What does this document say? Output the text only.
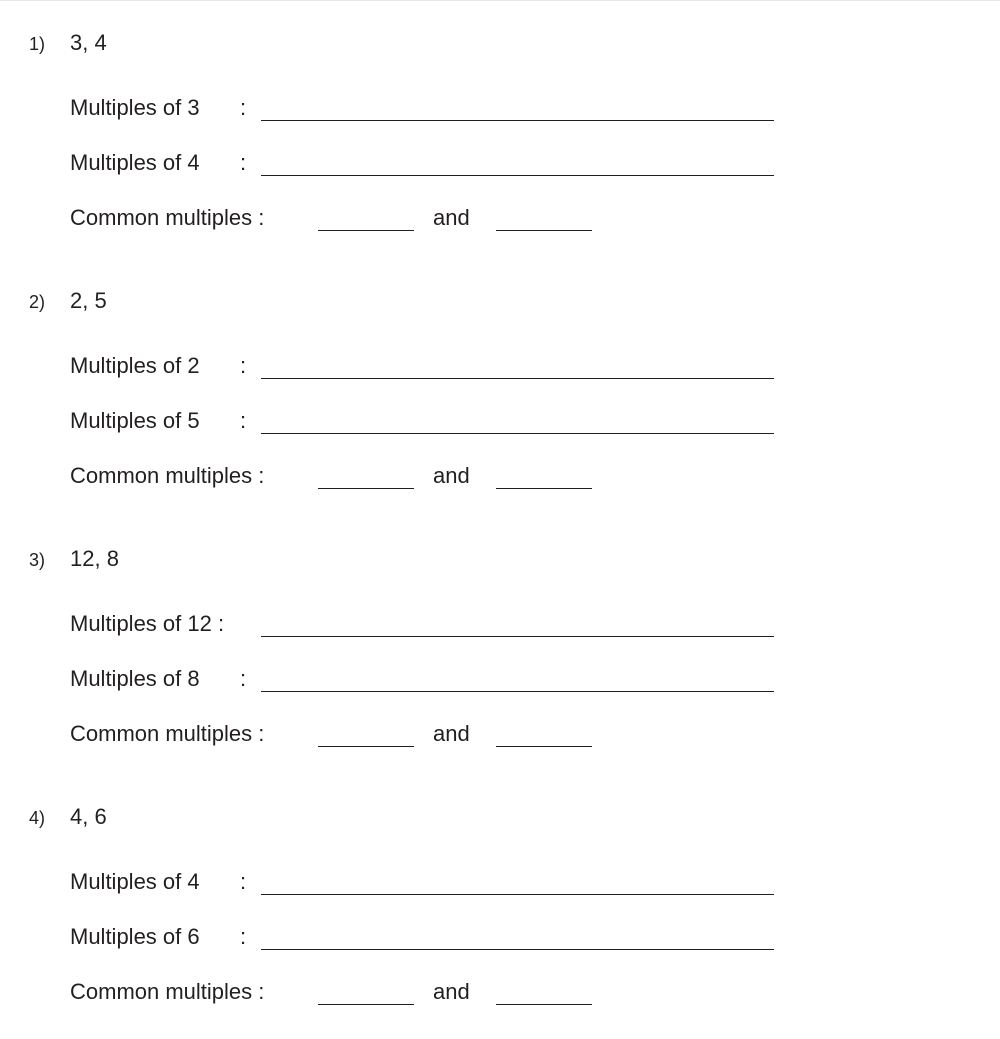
1) 3, 4
Multiples of 3 :
Multiples of 4 :
Common multiples :	and
2) 2, 5
Multiples of 2 :
Multiples of 5 :
Common multiples :	and
3) 12, 8
Multiples of 12 :
Multiples of 8 :
Common multiples :	and
4) 4, 6
Multiples of 4 :
Multiples of 6 :
Common multiples :	and
